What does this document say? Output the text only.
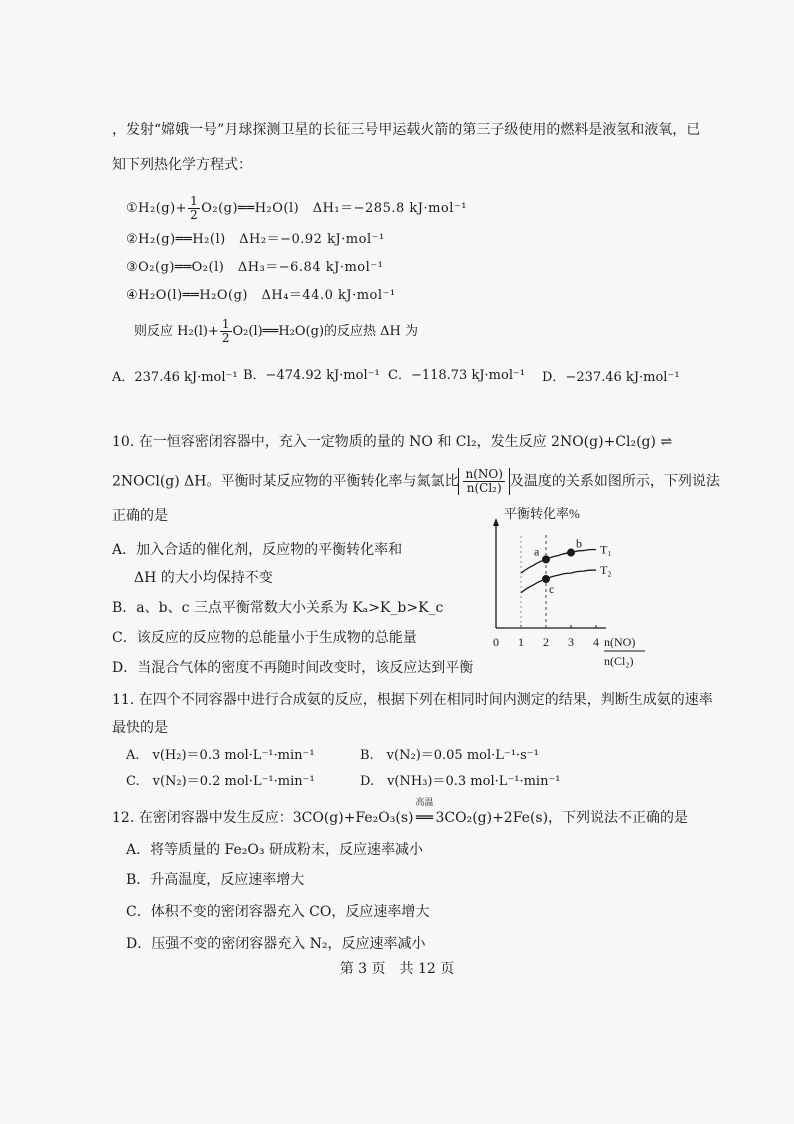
，发射“嫦娥一号”月球探测卫星的长征三号甲运载火箭的第三子级使用的燃料是液氢和液氧，已
知下列热化学方程式：
①H₂(g)+ $\frac{1}{2}$ O₂(g)══H₂O(l)　ΔH₁＝−285.8 kJ·mol⁻¹
②H₂(g)══H₂(l)　ΔH₂＝−0.92 kJ·mol⁻¹
③O₂(g)══O₂(l)　ΔH₃＝−6.84 kJ·mol⁻¹
④H₂O(l)══H₂O(g)　ΔH₄＝44.0 kJ·mol⁻¹
则反应 $H_2(l)+ \frac{1}{2}$ O₂(l)══H₂O(g)的反应热 ΔH 为
A．237.46 kJ·mol⁻¹ B．−474.92 kJ·mol⁻¹ C．−118.73 kJ·mol⁻¹ D．−237.46 kJ·mol⁻¹
10. 在一恒容密闭容器中，充入一定物质的量的 NO 和 Cl₂，发生反应 2NO(g)+Cl₂(g) ⇌
2NOCl(g) ΔH。平衡时某反应物的平衡转化率与氮氯比 $\frac{n(NO)}{\text{n(Cl₂)}}$ 及温度的关系如图所示，下列说法
正确的是
A．加入合适的催化剂，反应物的平衡转化率和
ΔH 的大小均保持不变
B．a、b、c 三点平衡常数大小关系为 Kₐ>K_b>K_c
C．该反应的反应物的总能量小于生成物的总能量
D．当混合气体的密度不再随时间改变时，该反应达到平衡
平衡转化率%
0 1 2 3 4
T₁
T₂
a
b
c
n(NO)
n(Cl₂)
11. 在四个不同容器中进行合成氨的反应，根据下列在相同时间内测定的结果，判断生成氨的速率
最快的是
A.　v(H₂)＝0.3 mol·L⁻¹·min⁻¹	B.　v(N₂)＝0.05 mol·L⁻¹·s⁻¹
C.　v(N₂)＝0.2 mol·L⁻¹·min⁻¹	D.　v(NH₃)＝0.3 mol·L⁻¹·min⁻¹
12. 在密闭容器中发生反应：3CO(g)+Fe₂O₃(s)
高温
══ 3CO₂(g)+2Fe(s)，下列说法不正确的是
A．将等质量的 Fe₂O₃ 研成粉末，反应速率减小
B．升高温度，反应速率增大
C．体积不变的密闭容器充入 CO，反应速率增大
D．压强不变的密闭容器充入 N₂，反应速率减小
第 3 页　共 12 页
